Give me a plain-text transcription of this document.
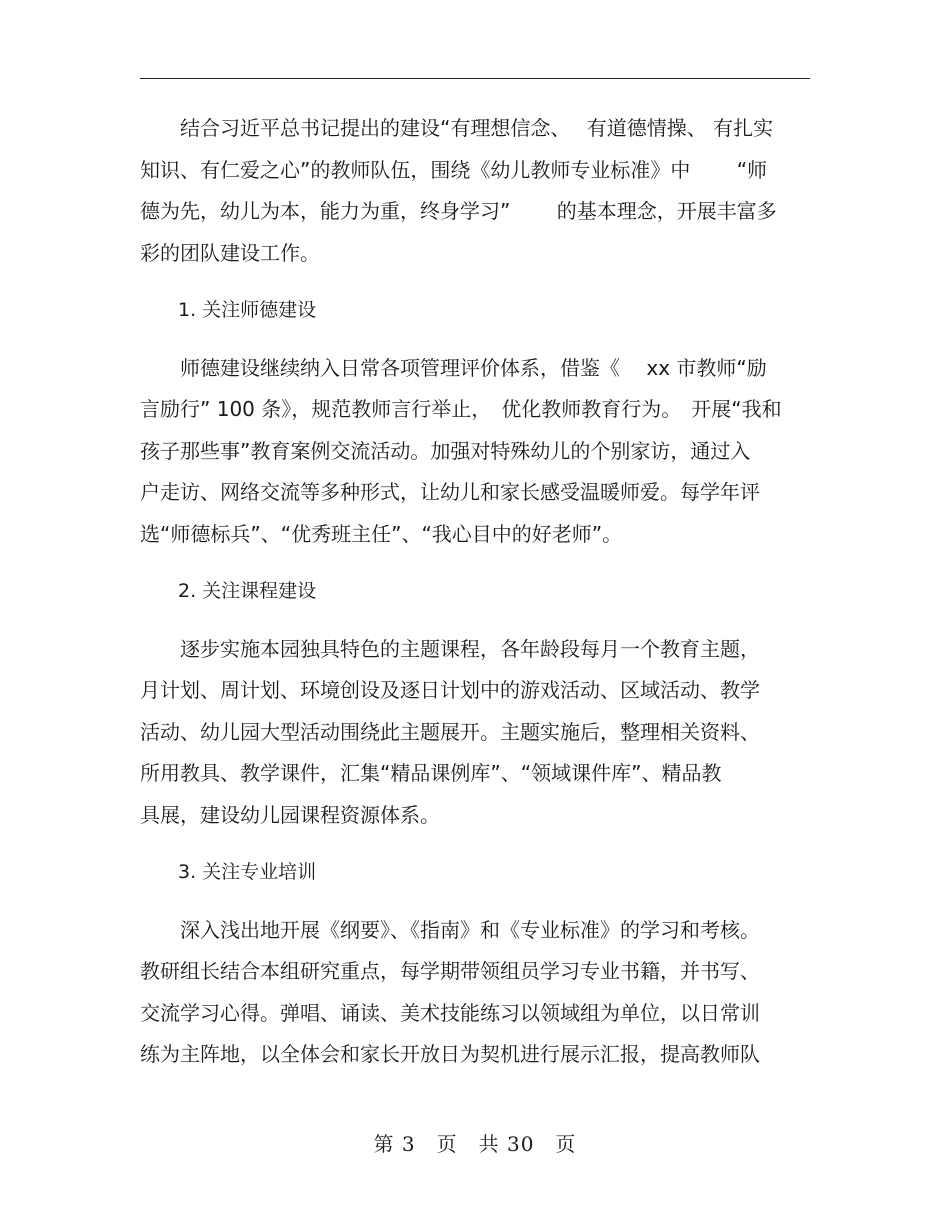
　　结合习近平总书记提出的建设“有理想信念、　 有道德情操、 有扎实
知识、有仁爱之心”的教师队伍，围绕《幼儿教师专业标准》中　　 “师
德为先，幼儿为本，能力为重，终身学习”　　 的基本理念，开展丰富多
彩的团队建设工作。
　　1. 关注师德建设
　　师德建设继续纳入日常各项管理评价体系，借鉴《　 xx 市教师“励
言励行” 100 条》，规范教师言行举止，　优化教师教育行为。　开展“我和
孩子那些事”教育案例交流活动。加强对特殊幼儿的个别家访，通过入
户走访、网络交流等多种形式，让幼儿和家长感受温暖师爱。每学年评
选“师德标兵”、“优秀班主任”、“我心目中的好老师”。
　　2. 关注课程建设
　　逐步实施本园独具特色的主题课程，各年龄段每月一个教育主题，
月计划、周计划、环境创设及逐日计划中的游戏活动、区域活动、教学
活动、幼儿园大型活动围绕此主题展开。主题实施后，整理相关资料、
所用教具、教学课件，汇集“精品课例库”、“领域课件库”、精品教
具展，建设幼儿园课程资源体系。
　　3. 关注专业培训
　　深入浅出地开展《纲要》、《指南》和《专业标准》的学习和考核。
教研组长结合本组研究重点，每学期带领组员学习专业书籍，并书写、
交流学习心得。弹唱、诵读、美术技能练习以领域组为单位，以日常训
练为主阵地，以全体会和家长开放日为契机进行展示汇报，提高教师队
第 3　页　共 30　页
